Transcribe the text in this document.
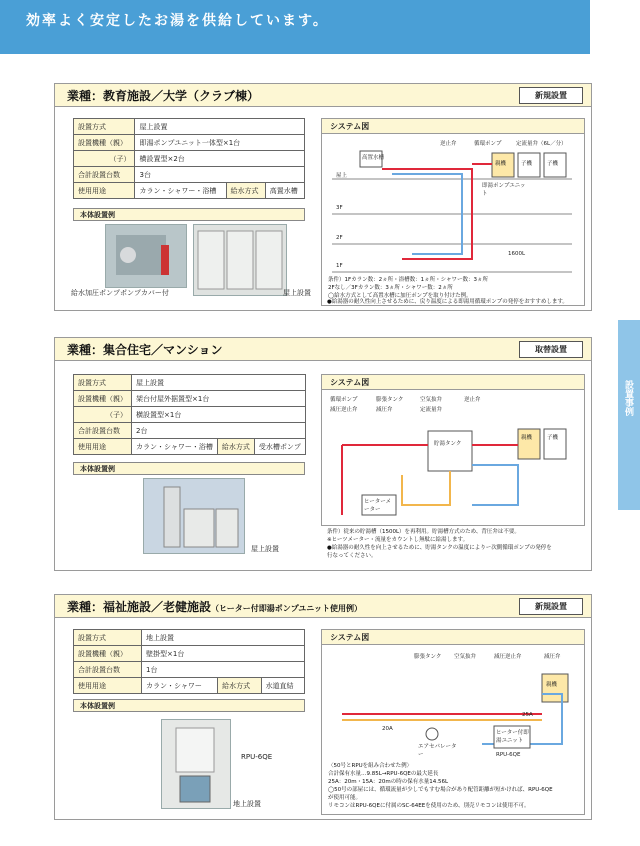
効率よく安定したお湯を供給しています。
設置事例
業種：教育施設／大学（クラブ棟）	新規設置
設置方式	屋上設置		
設置機種（親）	即湯ポンプユニット一体型×1台		
（子）	横設置型×2台		
合計設置台数	3台		
使用用途	カラン・シャワー・浴槽	給水方式	高置水槽
本体設置例
給水加圧ポンプポンプカバー付	屋上設置
システム図
逆止弁	循環ポンプ	定流量弁（6L／分）
高置水槽
屋上
3F
2F
1F
親機	子機	子機
即湯ポンプユニット
1600L
条件）1Fカラン数：2ヵ所・浴槽数：1ヵ所・シャワー数：3ヵ所
2Fなし／3Fカラン数：3ヵ所・シャワー数：2ヵ所
◯給水方式として高置水槽に加圧ポンプを取り付けた例。
●給湯器の耐久性向上させるために、戻り温度による即湯用循環ポンプの発停をおすすめします。
業種：集合住宅／マンション	取替設置
設置方式	屋上設置		
設置機種（親）	架台付屋外据置型×1台		
（子）	横設置型×1台		
合計設置台数	2台		
使用用途	カラン・シャワー・浴槽	給水方式	受水槽ポンプ
本体設置例
屋上設置
システム図
循環ポンプ	膨張タンク	空気抜弁	逆止弁
減圧逆止弁	減圧弁	定流量弁
貯湯タンク
親機	子機
ヒーターメーター
条件）従来の貯湯槽（1500L）を再利用。貯湯槽方式のため、背圧弁は不要。
※ヒーツメーター・流量をカウントし無駄に給湯します。
●給湯器の耐久性を向上させるために、貯湯タンクの温度によりー次側循環ポンプの発停を
行なってください。
業種：福祉施設／老健施設（ヒーター付即湯ポンプユニット使用例）	新規設置
設置方式	地上設置		
設置機種（親）	壁掛型×1台		
合計設置台数	1台		
使用用途	カラン・シャワー	給水方式	水道直結
本体設置例
RPU-6QE
地上設置
システム図
膨張タンク 空気抜弁	減圧逆止弁	減圧弁
親機
エアセパレーター
ヒーター付即湯ユニット
RPU-6QE
25A
20A
〈50号とRPUを組み合わせた例〉
合計保有水量…9.85L→RPU-6QEの最大延長
25A：20m・15A：20mの時の保有水量14.56L
◯50号の部屋には、循環流量が少しでもすむ場合があり配管距離が短かければ、RPU-6QE
が使用可能。
リモコンはRPU-6QEに付属のSC-64EEを使用のため、別売リモコンは使用不可。
